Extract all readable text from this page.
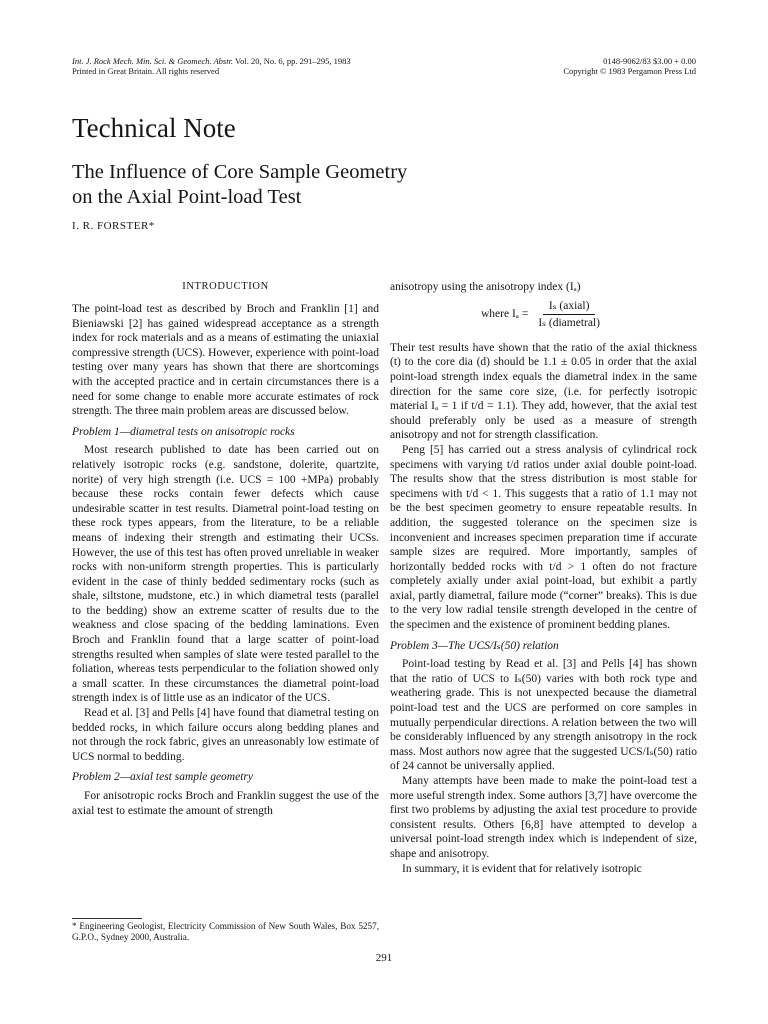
Int. J. Rock Mech. Min. Sci. & Geomech. Abstr. Vol. 20, No. 6, pp. 291–295, 1983
Printed in Great Britain. All rights reserved
0148-9062/83 $3.00 + 0.00
Copyright © 1983 Pergamon Press Ltd
Technical Note
The Influence of Core Sample Geometry
on the Axial Point-load Test
I. R. FORSTER*
INTRODUCTION

The point-load test as described by Broch and Franklin [1] and Bieniawski [2] has gained widespread acceptance as a strength index for rock materials and as a means of estimating the uniaxial compressive strength (UCS). However, experience with point-load testing over many years has shown that there are shortcomings with the accepted practice and in certain circumstances there is a need for some change to enable more accurate estimates of rock strength. The three main problem areas are discussed below.

Problem 1—diametral tests on anisotropic rocks

Most research published to date has been carried out on relatively isotropic rocks (e.g. sandstone, dolerite, quartzite, norite) of very high strength (i.e. UCS = 100 +MPa) probably because these rocks contain fewer defects which cause undesirable scatter in test results. Diametral point-load testing on these rock types appears, from the literature, to be a reliable means of indexing their strength and estimating their UCSs. However, the use of this test has often proved unreliable in weaker rocks with non-uniform strength properties. This is particularly evident in the case of thinly bedded sedimentary rocks (such as shale, siltstone, mudstone, etc.) in which diametral tests (parallel to the bedding) show an extreme scatter of results due to the weakness and close spacing of the bedding laminations. Even Broch and Franklin found that a large scatter of point-load strengths resulted when samples of slate were tested parallel to the foliation, whereas tests perpendicular to the foliation showed only a small scatter. In these circumstances the diametral point-load strength index is of little use as an indicator of the UCS.

Read et al. [3] and Pells [4] have found that diametral testing on bedded rocks, in which failure occurs along bedding planes and not through the rock fabric, gives an unreasonably low estimate of UCS normal to bedding.

Problem 2—axial test sample geometry

For anisotropic rocks Broch and Franklin suggest the use of the axial test to estimate the amount of strength

* Engineering Geologist, Electricity Commission of New South Wales, Box 5257, G.P.O., Sydney 2000, Australia.

anisotropy using the anisotropy index (Iₐ)

where $I_a = \frac{\text{Iₛ (axial)}}{\text{Iₛ (diametral)}}$

Their test results have shown that the ratio of the axial thickness (t) to the core dia (d) should be 1.1 ± 0.05 in order that the axial point-load strength index equals the diametral index in the same direction for the same core size, (i.e. for perfectly isotropic material Iₐ = 1 if t/d = 1.1). They add, however, that the axial test should preferably only be used as a measure of strength anisotropy and not for strength classification.

Peng [5] has carried out a stress analysis of cylindrical rock specimens with varying t/d ratios under axial double point-load. The results show that the stress distribution is most stable for specimens with t/d < 1. This suggests that a ratio of 1.1 may not be the best specimen geometry to ensure repeatable results. In addition, the suggested tolerance on the specimen size is inconvenient and increases specimen preparation time if accurate sample sizes are required. More importantly, samples of horizontally bedded rocks with t/d > 1 often do not fracture completely axially under axial point-load, but exhibit a partly axial, partly diametral, failure mode (“corner” breaks). This is due to the very low radial tensile strength developed in the centre of the specimen and the existence of prominent bedding planes.

Problem 3—The UCS/Iₛ(50) relation

Point-load testing by Read et al. [3] and Pells [4] has shown that the ratio of UCS to Iₛ(50) varies with both rock type and weathering grade. This is not unexpected because the diametral point-load test and the UCS are performed on core samples in mutually perpendicular directions. A relation between the two will be considerably influenced by any strength anisotropy in the rock mass. Most authors now agree that the suggested UCS/Iₛ(50) ratio of 24 cannot be universally applied.

Many attempts have been made to make the point-load test a more useful strength index. Some authors [3,7] have overcome the first two problems by adjusting the axial test procedure to provide consistent results. Others [6,8] have attempted to develop a universal point-load strength index which is independent of size, shape and anisotropy.

In summary, it is evident that for relatively isotropic

291
